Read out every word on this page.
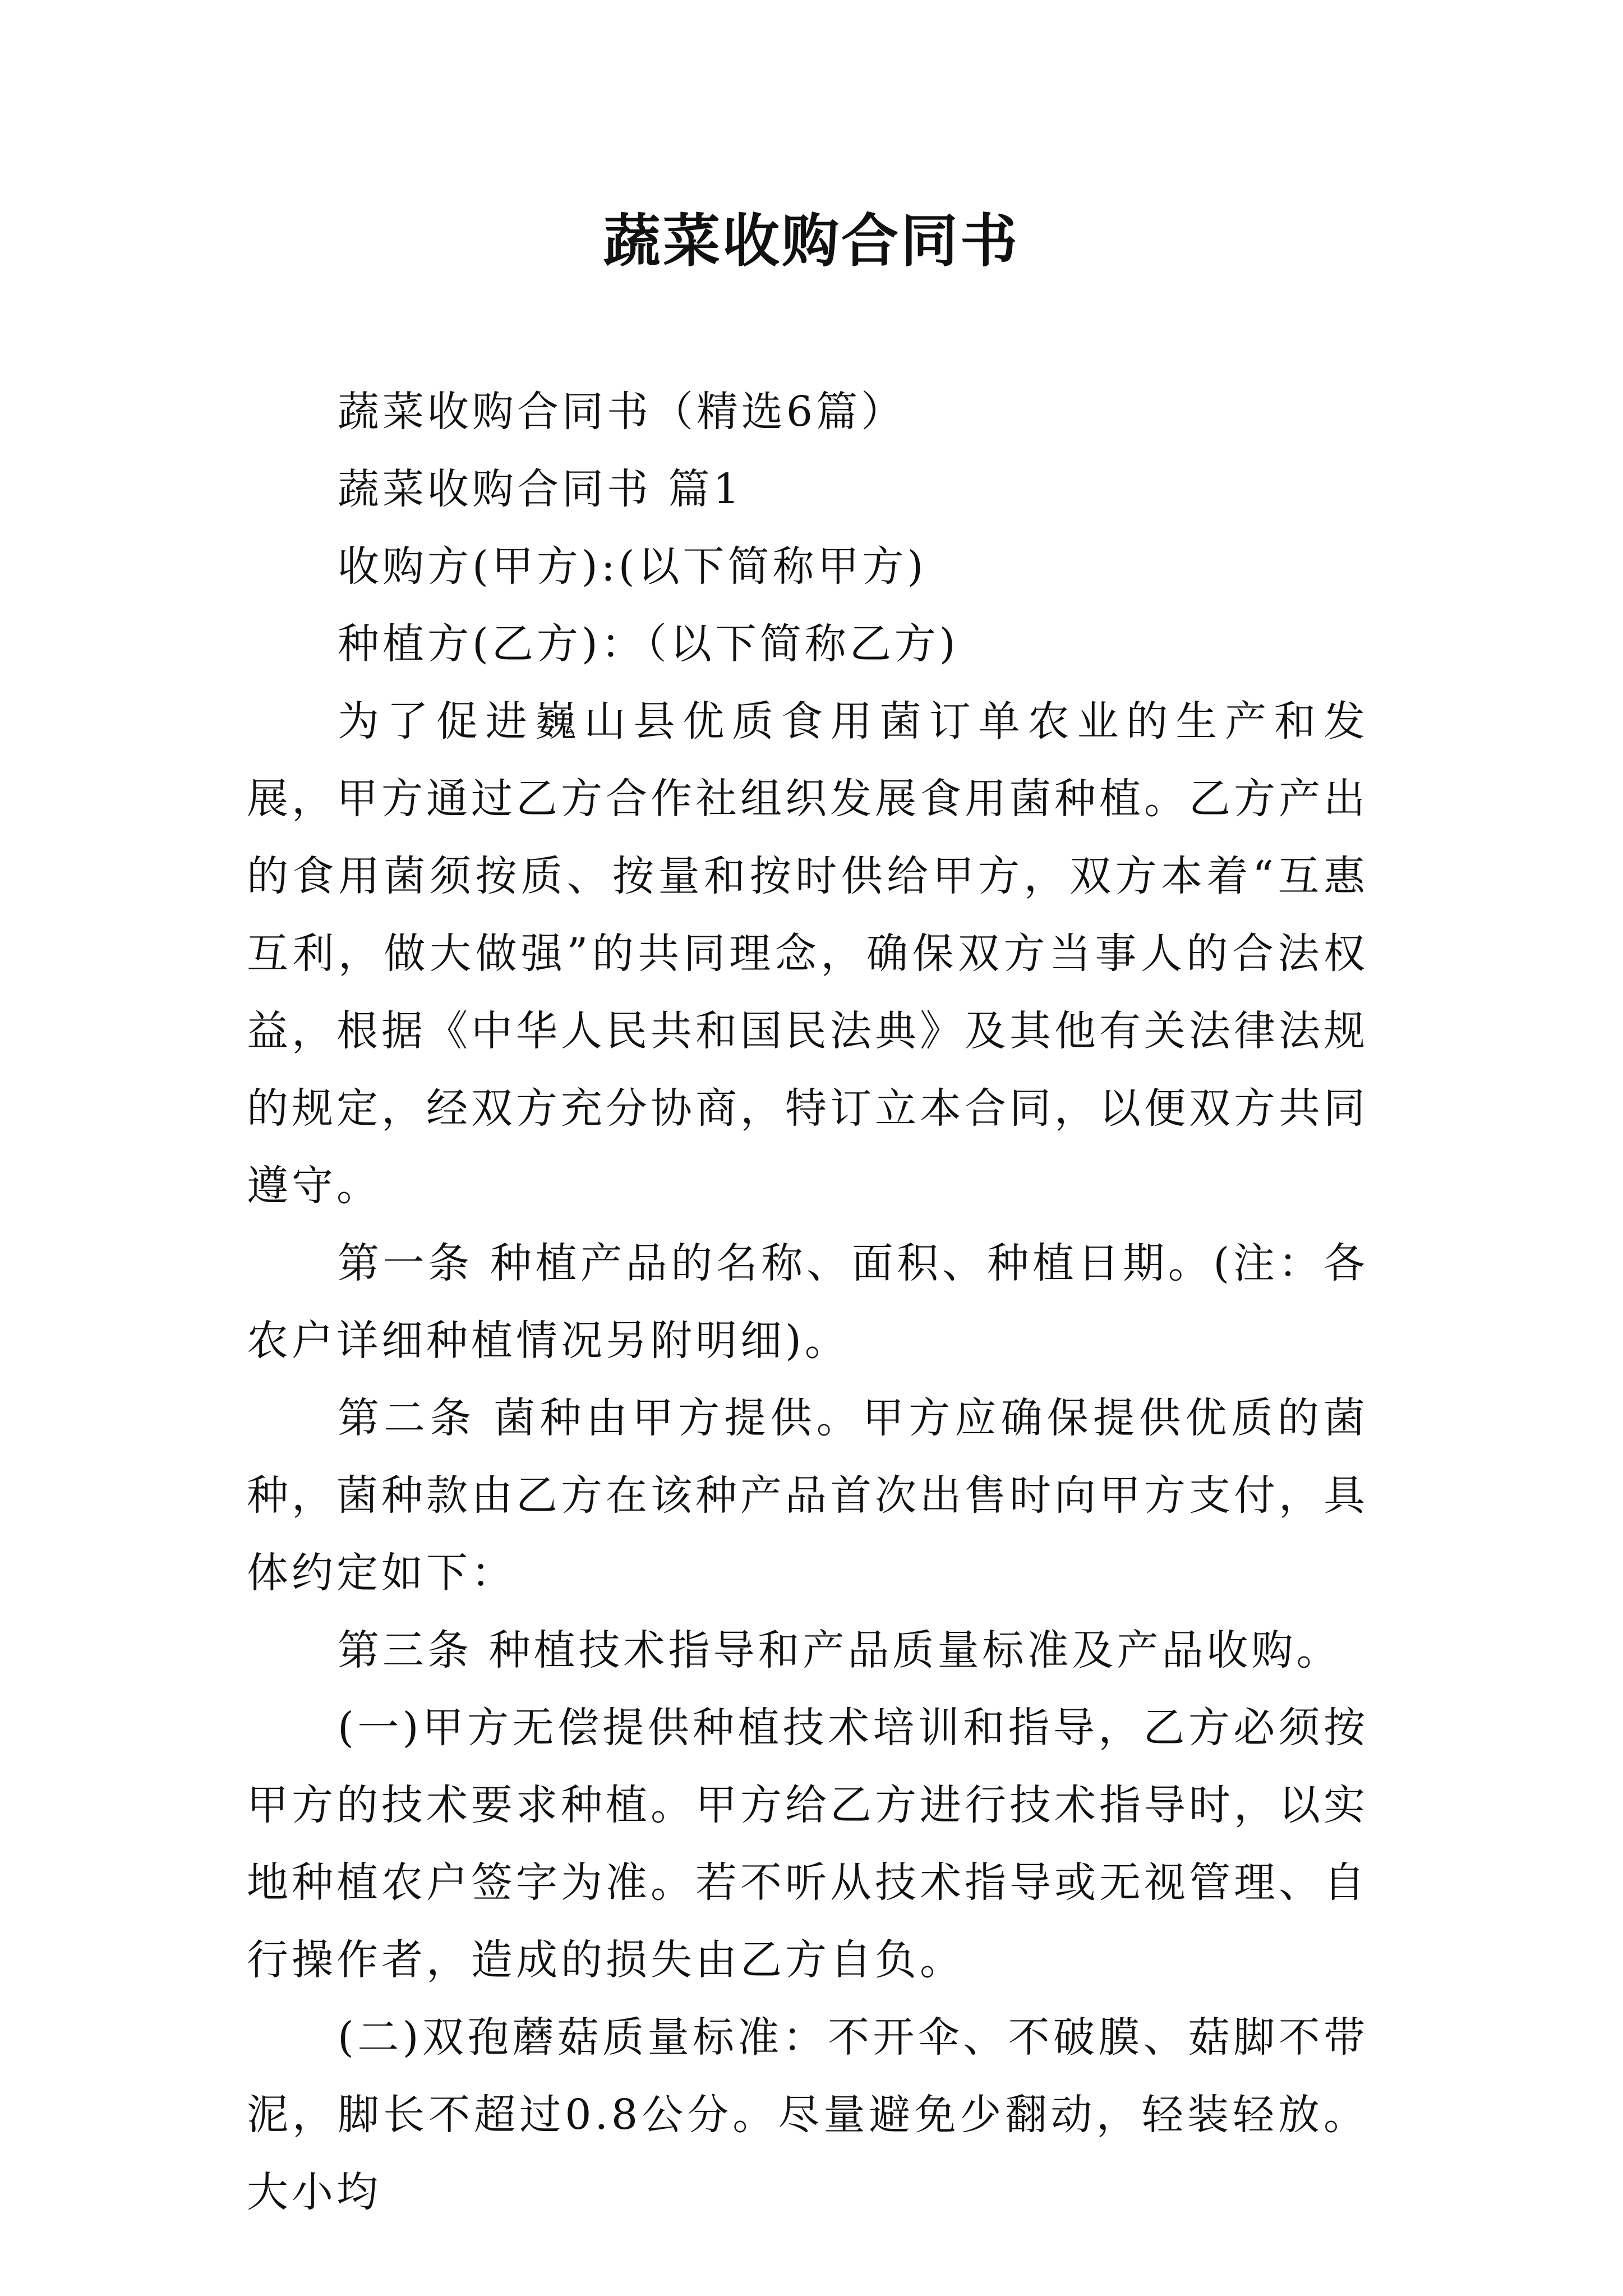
蔬菜收购合同书

蔬菜收购合同书（精选6篇）

蔬菜收购合同书 篇1

收购方(甲方):(以下简称甲方)

种植方(乙方)：（以下简称乙方)

为了促进巍山县优质食用菌订单农业的生产和发展，甲方通过乙方合作社组织发展食用菌种植。乙方产出的食用菌须按质、按量和按时供给甲方，双方本着“互惠互利，做大做强”的共同理念，确保双方当事人的合法权益，根据《中华人民共和国民法典》及其他有关法律法规的规定，经双方充分协商，特订立本合同，以便双方共同遵守。

第一条 种植产品的名称、面积、种植日期。(注：各农户详细种植情况另附明细)。

第二条 菌种由甲方提供。甲方应确保提供优质的菌种，菌种款由乙方在该种产品首次出售时向甲方支付，具体约定如下：

第三条 种植技术指导和产品质量标准及产品收购。

(一)甲方无偿提供种植技术培训和指导，乙方必须按甲方的技术要求种植。甲方给乙方进行技术指导时，以实地种植农户签字为准。若不听从技术指导或无视管理、自行操作者，造成的损失由乙方自负。

(二)双孢蘑菇质量标准：不开伞、不破膜、菇脚不带泥，脚长不超过0.8公分。尽量避免少翻动，轻装轻放。大小均
